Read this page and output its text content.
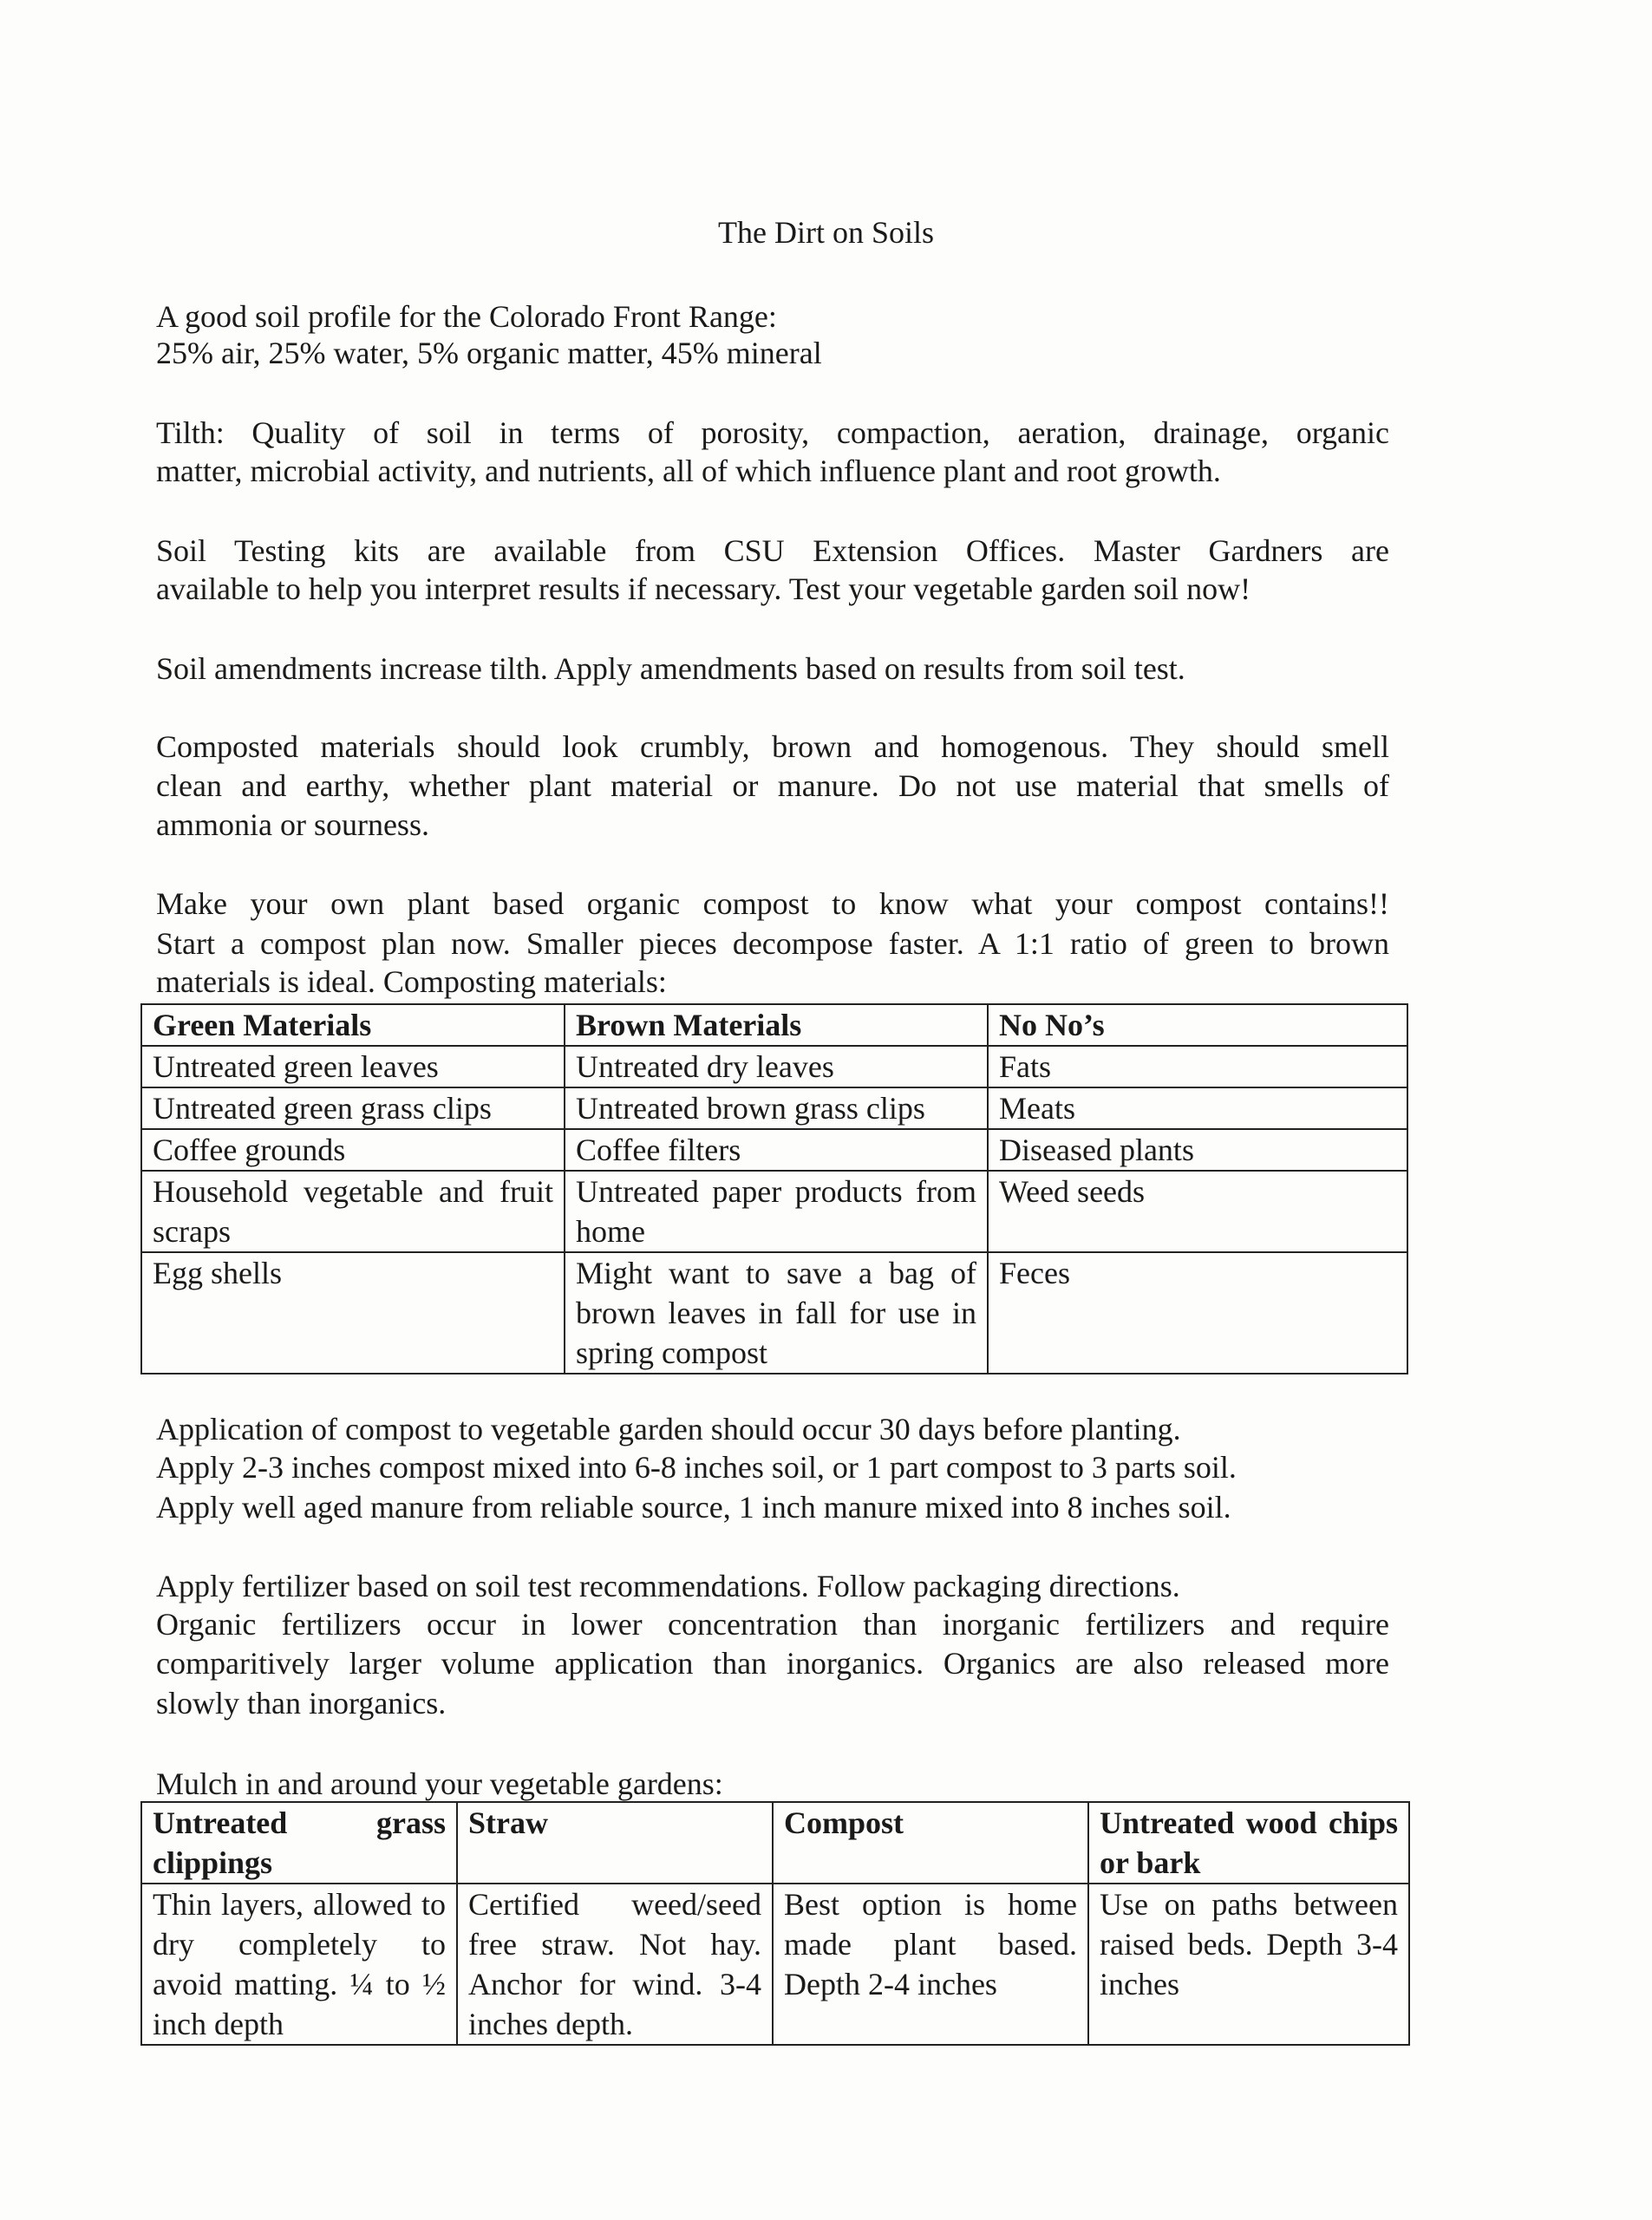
The Dirt on Soils
A good soil profile for the Colorado Front Range:
25% air, 25% water, 5% organic matter, 45% mineral
Tilth: Quality of soil in terms of porosity, compaction, aeration, drainage, organic
matter, microbial activity, and nutrients, all of which influence plant and root growth.
Soil Testing kits are available from CSU Extension Offices. Master Gardners are
available to help you interpret results if necessary. Test your vegetable garden soil now!
Soil amendments increase tilth. Apply amendments based on results from soil test.
Composted materials should look crumbly, brown and homogenous. They should smell
clean and earthy, whether plant material or manure. Do not use material that smells of
ammonia or sourness.
Make your own plant based organic compost to know what your compost contains!!
Start a compost plan now. Smaller pieces decompose faster. A 1:1 ratio of green to brown
materials is ideal. Composting materials:
Green Materials	Brown Materials	No No’s
Untreated green leaves	Untreated dry leaves	Fats
Untreated green grass clips	Untreated brown grass clips	Meats
Coffee grounds	Coffee filters	Diseased plants
Household vegetable and fruit scraps	Untreated paper products from home	Weed seeds
Egg shells	Might want to save a bag of brown leaves in fall for use in spring compost	Feces
Application of compost to vegetable garden should occur 30 days before planting.
Apply 2-3 inches compost mixed into 6-8 inches soil, or 1 part compost to 3 parts soil.
Apply well aged manure from reliable source, 1 inch manure mixed into 8 inches soil.
Apply fertilizer based on soil test recommendations. Follow packaging directions.
Organic fertilizers occur in lower concentration than inorganic fertilizers and require
comparitively larger volume application than inorganics. Organics are also released more
slowly than inorganics.
Mulch in and around your vegetable gardens:
Untreated grass clippings	Straw	Compost	Untreated wood chips or bark
Thin layers, allowed to dry completely to avoid matting. ¼ to ½ inch depth	Certified weed/seed free straw. Not hay. Anchor for wind. 3-4 inches depth.	Best option is home made plant based. Depth 2-4 inches	Use on paths between raised beds. Depth 3-4 inches
